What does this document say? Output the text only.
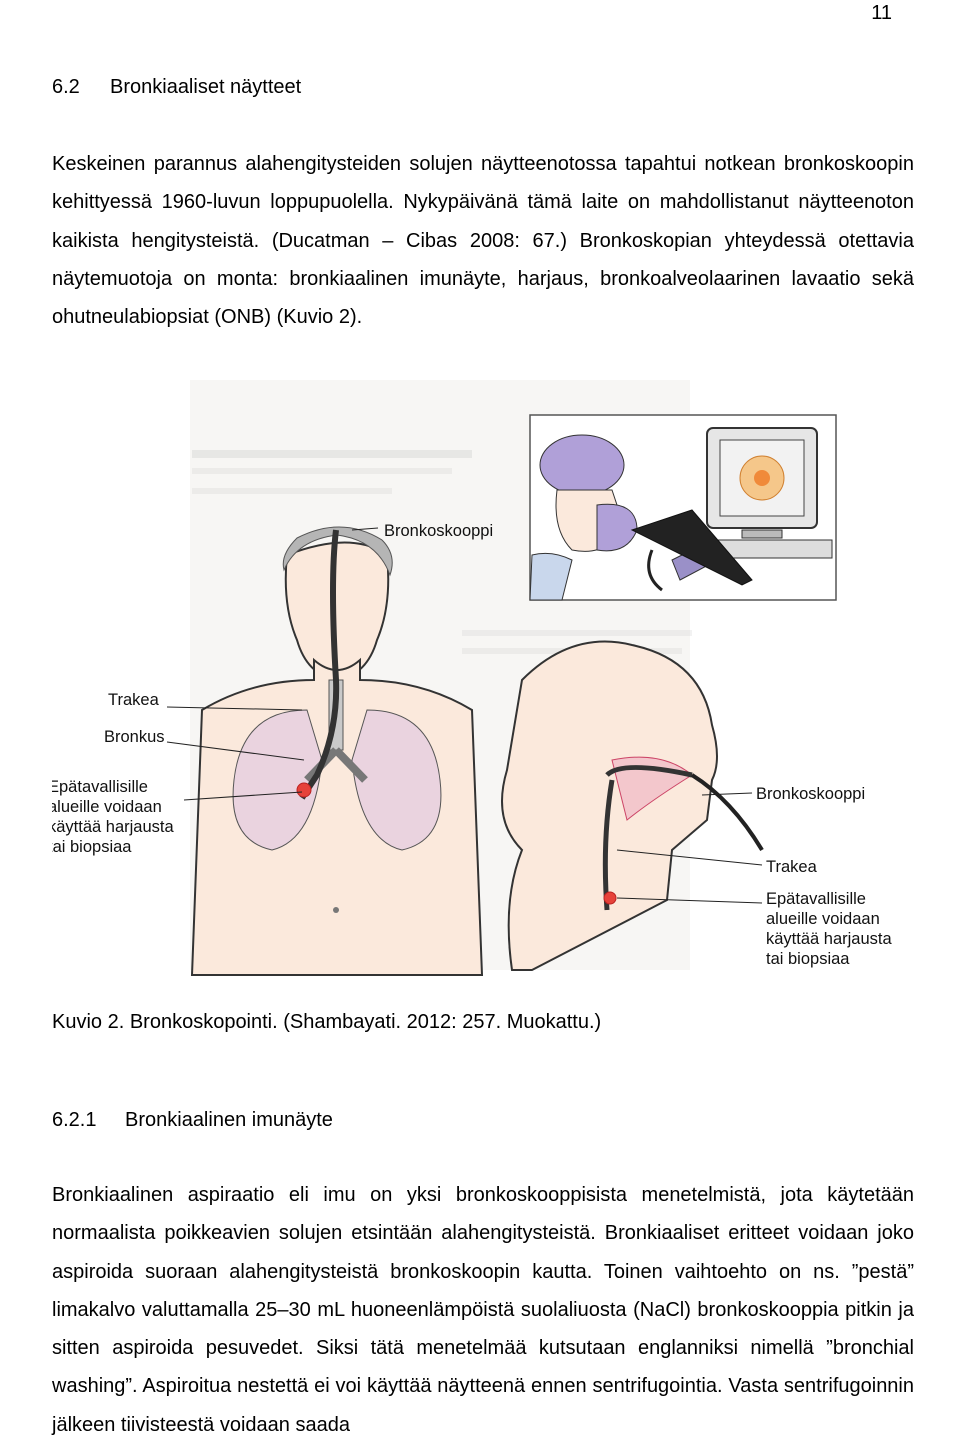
11
6.2 Bronkiaaliset näytteet
Keskeinen parannus alahengitysteiden solujen näytteenotossa tapahtui notkean bronkoskoopin kehittyessä 1960-luvun loppupuolella. Nykypäivänä tämä laite on mahdollistanut näytteenoton kaikista hengitysteistä. (Ducatman – Cibas 2008: 67.) Bronkoskopian yhteydessä otettavia näytemuotoja on monta: bronkiaalinen imunäyte, harjaus, bronkoalveolaarinen lavaatio sekä ohutneulabiopsiat (ONB) (Kuvio 2).
Bronkoskooppi
Trakea
Bronkus
Epätavallisille
alueille voidaan
käyttää harjausta
tai biopsiaa
Bronkoskooppi
Trakea
Epätavallisille
alueille voidaan
käyttää harjausta
tai biopsiaa
Kuvio 2. Bronkoskopointi. (Shambayati. 2012: 257. Muokattu.)
6.2.1 Bronkiaalinen imunäyte
Bronkiaalinen aspiraatio eli imu on yksi bronkoskooppisista menetelmistä, jota käytetään normaalista poikkeavien solujen etsintään alahengitysteistä. Bronkiaaliset eritteet voidaan joko aspiroida suoraan alahengitysteistä bronkoskoopin kautta. Toinen vaihtoehto on ns. ”pestä” limakalvo valuttamalla 25–30 mL huoneenlämpöistä suolaliuosta (NaCl) bronkoskooppia pitkin ja sitten aspiroida pesuvedet. Siksi tätä menetelmää kutsutaan englanniksi nimellä ”bronchial washing”. Aspiroitua nestettä ei voi käyttää näytteenä ennen sentrifugointia. Vasta sentrifugoinnin jälkeen tiivisteestä voidaan saada
